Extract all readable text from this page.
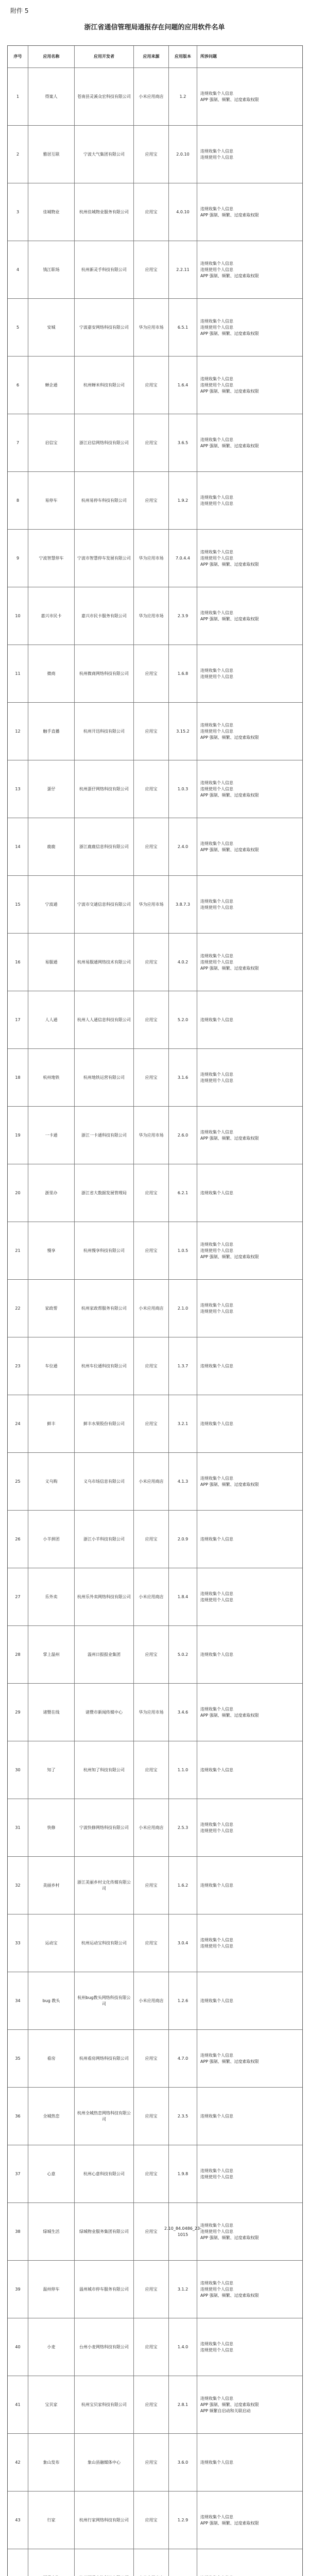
附件 5
浙江省通信管理局通报存在问题的应用软件名单
序号	应用名称	应用开发者	应用来源	应用版本	所涉问题
1	得案人	苍南县灵溪众宏科技有限公司	小米应用商店	1.2
违规收集个人信息
APP 强制、频繁、过度索取权限
2	雅居互联	宁波大气集团有限公司	应用宝	2.0.10
违规收集个人信息
违规使用个人信息
3	佳城物业	杭州佳城物业服务有限公司	应用宝	4.0.10
违规收集个人信息
APP 强制、频繁、过度索取权限
4	钱江职场	杭州新灵手科技有限公司	应用宝	2.2.11
违规收集个人信息
违规使用个人信息
APP 强制、频繁、过度索取权限
5	安城	宁波嘉安网络科技有限公司	华为应用市场	6.5.1
违规收集个人信息
违规使用个人信息
APP 强制、频繁、过度索取权限
6	蝉企通	杭州蝉米科技有限公司	应用宝	1.6.4
违规收集个人信息
违规使用个人信息
APP 强制、频繁、过度索取权限
7	启信宝	浙江启信网络科技有限公司	应用宝	3.6.5
违规收集个人信息
APP 强制、频繁、过度索取权限
8	易停车	杭州易停车科技有限公司	应用宝	1.9.2
违规收集个人信息
违规使用个人信息
9	宁波智慧停车	宁波市智慧停车发展有限公司	华为应用市场	7.0.4.4
违规收集个人信息
违规使用个人信息
APP 强制、频繁、过度索取权限
10	嘉兴市民卡	嘉兴市民卡服务有限公司	华为应用市场	2.3.9
违规收集个人信息
APP 强制、频繁、过度索取权限
11	微商	杭州微商网络科技有限公司	应用宝	1.6.8
违规收集个人信息
违规使用个人信息
12	触手直播	杭州开迅科技有限公司	应用宝	3.15.2
违规收集个人信息
违规使用个人信息
APP 强制、频繁、过度索取权限
13	蛋仔	杭州蛋仔网络科技有限公司	应用宝	1.0.3
违规收集个人信息
违规使用个人信息
APP 强制、频繁、过度索取权限
14	鹿鹿	浙江鹿鹿信息科技有限公司	应用宝	2.4.0
违规收集个人信息
APP 强制、频繁、过度索取权限
15	宁波通	宁波市交通信息科技有限公司	华为应用市场	3.8.7.3
违规收集个人信息
违规使用个人信息
16	易服通	杭州易服通网络技术有限公司	应用宝	4.0.2
违规收集个人信息
违规使用个人信息
APP 强制、频繁、过度索取权限
17	人人通	杭州人人通信息科技有限公司	应用宝	5.2.0	违规收集个人信息
18	杭州地铁	杭州地铁运营有限公司	应用宝	3.1.6
违规收集个人信息
违规使用个人信息
19	一卡通	浙江一卡通科技有限公司	华为应用市场	2.6.0
违规收集个人信息
APP 强制、频繁、过度索取权限
20	浙里办	浙江省大数据发展管理局	应用宝	6.2.1	违规收集个人信息
21	慢享	杭州慢享科技有限公司	应用宝	1.0.5
违规收集个人信息
违规使用个人信息
APP 强制、频繁、过度索取权限
22	家政帮	杭州家政帮服务有限公司	小米应用商店	2.1.0
违规收集个人信息
违规使用个人信息
23	车位通	杭州车位通科技有限公司	应用宝	1.3.7	违规收集个人信息
24	鲜丰	鲜丰水果股份有限公司	应用宝	3.2.1	违规收集个人信息
25	义乌购	义乌市场信息有限公司	小米应用商店	4.1.3
违规收集个人信息
APP 强制、频繁、过度索取权限
26	小羊拼团	浙江小羊科技有限公司	应用宝	2.0.9	违规收集个人信息
27	乐外卖	杭州乐外卖网络科技有限公司	小米应用商店	1.8.4
违规收集个人信息
违规使用个人信息
28	掌上温州	温州日报报业集团	应用宝	5.0.2	违规收集个人信息
29	诸暨在线	诸暨市新闻传媒中心	华为应用市场	3.4.6
违规收集个人信息
APP 强制、频繁、过度索取权限
30	知了	杭州知了科技有限公司	应用宝	1.1.0	违规收集个人信息
31	快修	宁波快修网络科技有限公司	小米应用商店	2.5.3
违规收集个人信息
违规使用个人信息
32	美丽乡村
浙江美丽乡村文化传媒有限公司
应用宝	1.6.2	违规收集个人信息
33	运动宝	杭州运动宝科技有限公司	应用宝	3.0.4
违规收集个人信息
违规使用个人信息
34	bug 教头
杭州bug教头网络科技有限公司
小米应用商店	1.2.6	违规收集个人信息
35	看房	杭州看房网络科技有限公司	应用宝	4.7.0
违规收集个人信息
APP 强制、频繁、过度索取权限
36	全城热恋
杭州全城热恋网络科技有限公司
应用宝	2.3.5	违规收集个人信息
37	心意	杭州心意科技有限公司	应用宝	1.9.8
违规收集个人信息
违规使用个人信息
38	绿城生活	绿城物业服务集团有限公司	应用宝
2.10_84.0486_23-1015
违规收集个人信息
违规使用个人信息
APP 强制、频繁、过度索取权限
39	温州停车	温州城市停车服务有限公司	应用宝	3.1.2
违规收集个人信息
违规使用个人信息
APP 强制、频繁、过度索取权限
40	小麦	台州小麦网络科技有限公司	应用宝	1.4.0
违规收集个人信息
违规使用个人信息
41	宝贝家	杭州宝贝家科技有限公司	应用宝	2.8.1
违规收集个人信息
APP 强制、频繁、过度索取权限
APP 频繁自启动和关联启动
42	象山发布	象山县融媒体中心	应用宝	3.6.0	违规收集个人信息
43	行家	杭州行家网络科技有限公司	应用宝	1.2.9
违规收集个人信息
APP 强制、频繁、过度索取权限
